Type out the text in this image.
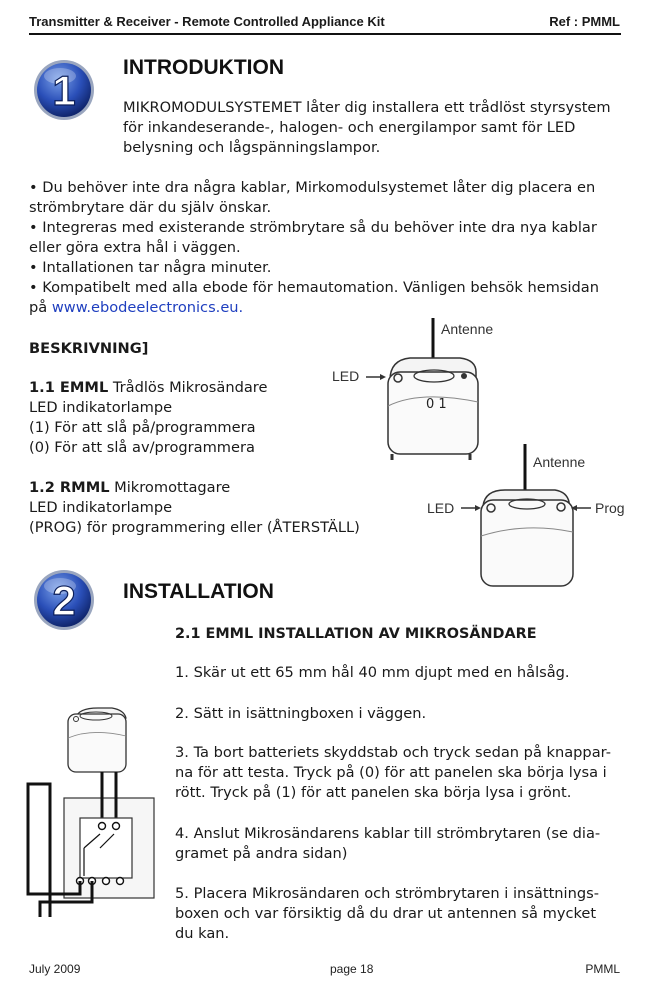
Transmitter & Receiver - Remote Controlled Appliance Kit	Ref : PMML
1 INTRODUKTION
MIKROMODULSYSTEMET låter dig installera ett trådlöst styrsystem
för inkandeserande-, halogen- och energilampor samt för LED
belysning och lågspänningslampor.
• Du behöver inte dra några kablar, Mirkomodulsystemet låter dig placera en
strömbrytare där du själv önskar.
• Integreras med existerande strömbrytare så du behöver inte dra nya kablar
eller göra extra hål i väggen.
• Intallationen tar några minuter.
• Kompatibelt med alla ebode för hemautomation. Vänligen behsök hemsidan
på www.ebodeelectronics.eu.
BESKRIVNING]
1.1 EMML Trådlös Mikrosändare
LED indikatorlampe
(1) För att slå på/programmera
(0) För att slå av/programmera
1.2 RMML Mikromottagare
LED indikatorlampe
(PROG) för programmering eller (ÅTERSTÄLL)
Antenne
0 1
LED
Antenne
LED	Prog
2 INSTALLATION
2.1 EMML INSTALLATION AV MIKROSÄNDARE
1. Skär ut ett 65 mm hål 40 mm djupt med en hålsåg.
2. Sätt in isättningboxen i väggen.
3. Ta bort batteriets skyddstab och tryck sedan på knappar-
na för att testa. Tryck på (0) för att panelen ska börja lysa i
rött. Tryck på (1) för att panelen ska börja lysa i grönt.
4. Anslut Mikrosändarens kablar till strömbrytaren (se dia-
gramet på andra sidan)
5. Placera Mikrosändaren och strömbrytaren i insättnings-
boxen och var försiktig då du drar ut antennen så mycket
du kan.
July 2009	page 18	PMML
